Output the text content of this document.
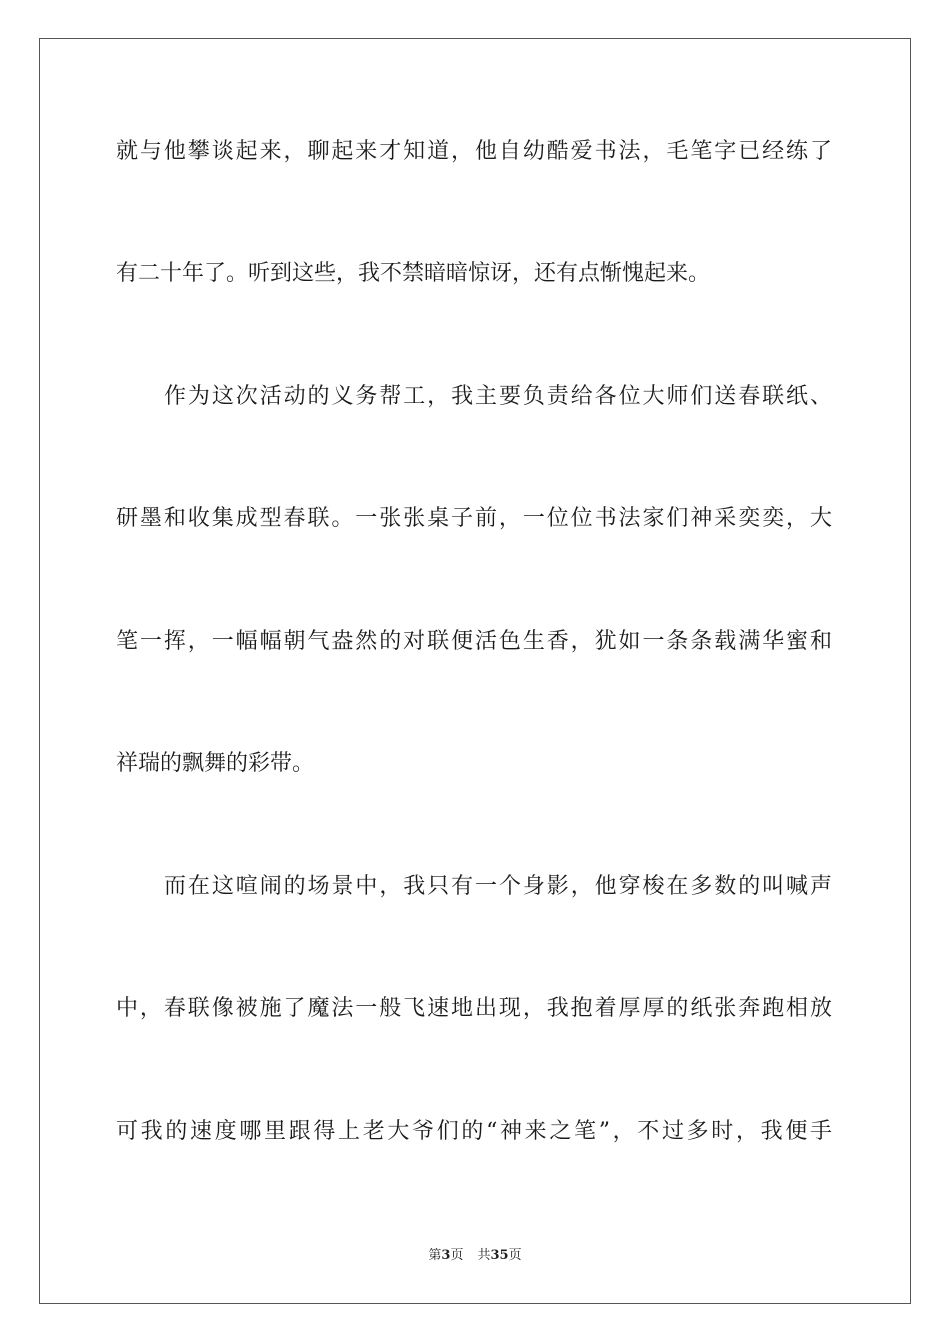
就与他攀谈起来，聊起来才知道，他自幼酷爱书法，毛笔字已经练了
有二十年了。听到这些，我不禁暗暗惊讶，还有点惭愧起来。
作为这次活动的义务帮工，我主要负责给各位大师们送春联纸、
研墨和收集成型春联。一张张桌子前，一位位书法家们神采奕奕，大
笔一挥，一幅幅朝气盎然的对联便活色生香，犹如一条条载满华蜜和
祥瑞的飘舞的彩带。
而在这喧闹的场景中，我只有一个身影，他穿梭在多数的叫喊声
中，春联像被施了魔法一般飞速地出现，我抱着厚厚的纸张奔跑相放
可我的速度哪里跟得上老大爷们的“神来之笔”，不过多时，我便手
第3页 共35页
